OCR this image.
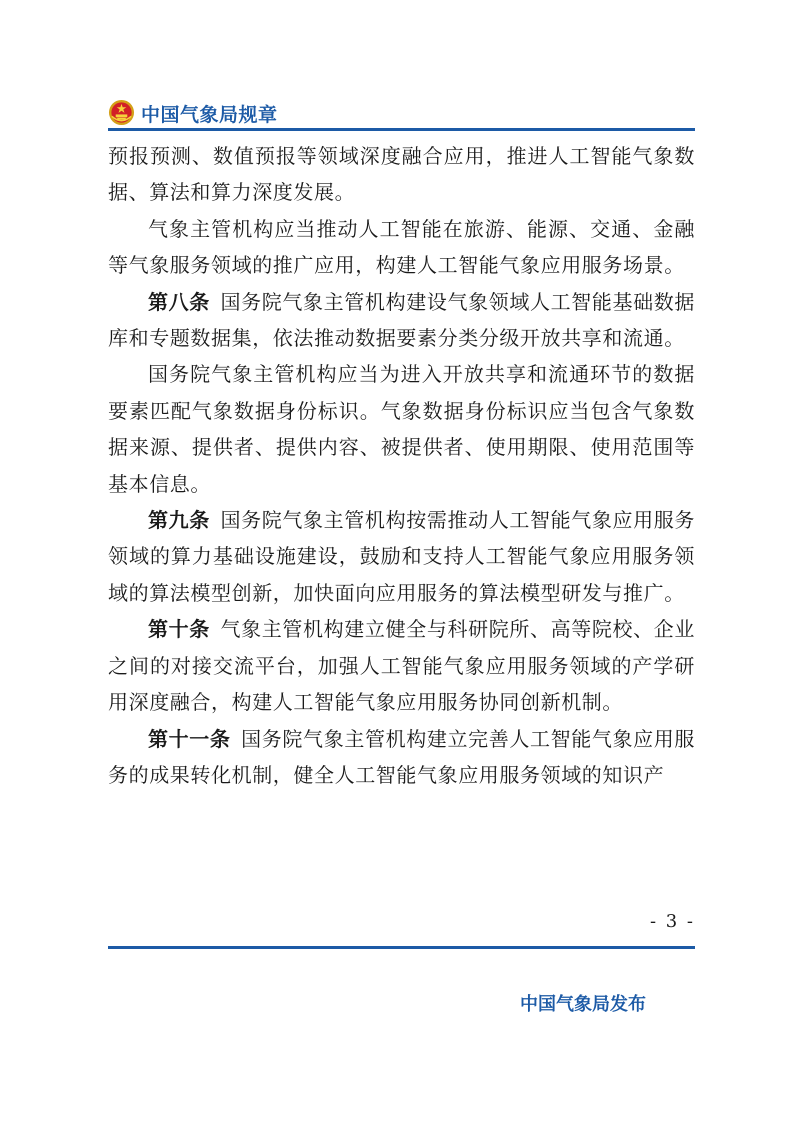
中国气象局规章

预报预测、数值预报等领域深度融合应用，推进人工智能气象数据、算法和算力深度发展。

气象主管机构应当推动人工智能在旅游、能源、交通、金融等气象服务领域的推广应用，构建人工智能气象应用服务场景。

第八条  国务院气象主管机构建设气象领域人工智能基础数据库和专题数据集，依法推动数据要素分类分级开放共享和流通。

国务院气象主管机构应当为进入开放共享和流通环节的数据要素匹配气象数据身份标识。气象数据身份标识应当包含气象数据来源、提供者、提供内容、被提供者、使用期限、使用范围等基本信息。

第九条  国务院气象主管机构按需推动人工智能气象应用服务领域的算力基础设施建设，鼓励和支持人工智能气象应用服务领域的算法模型创新，加快面向应用服务的算法模型研发与推广。

第十条  气象主管机构建立健全与科研院所、高等院校、企业之间的对接交流平台，加强人工智能气象应用服务领域的产学研用深度融合，构建人工智能气象应用服务协同创新机制。

第十一条  国务院气象主管机构建立完善人工智能气象应用服务的成果转化机制，健全人工智能气象应用服务领域的知识产

- 3 -
中国气象局发布
